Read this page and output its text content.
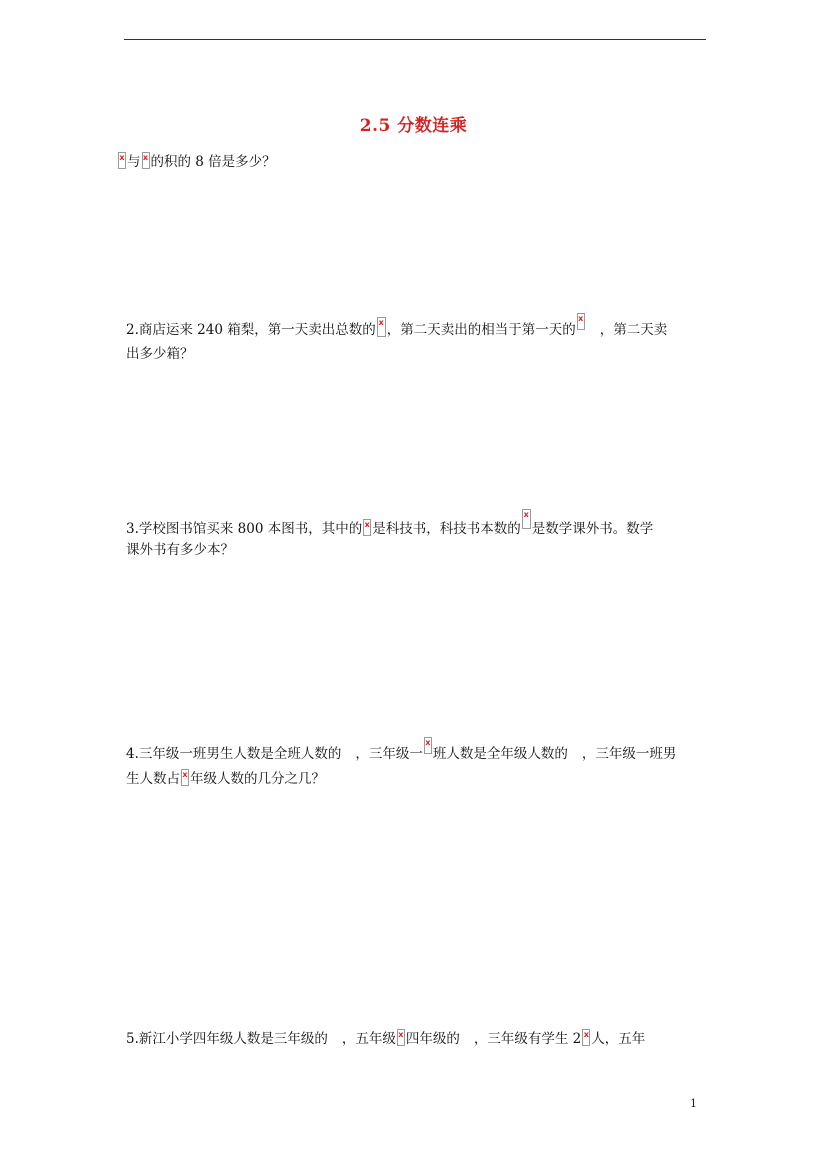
2.5 分数连乘
x与 x 的积的 8 倍是多少？
2.商店运来 240 箱梨，第一天卖出总数的 x ，第二天卖出的相当于第一天的 x ，第二天卖
出多少箱？
3.学校图书馆买来 800 本图书，其中的 x 是科技书，科技书本数的 x 是数学课外书。数学
课外书有多少本？
4.三年级一班男生人数是全班人数的 ，三年级一 x 班人数是全年级人数的 ，三年级一班男
生人数占 x 年级人数的几分之几？
5.新江小学四年级人数是三年级的 ，五年级 x 四年级的 ，三年级有学生 2 x 人，五年
1
